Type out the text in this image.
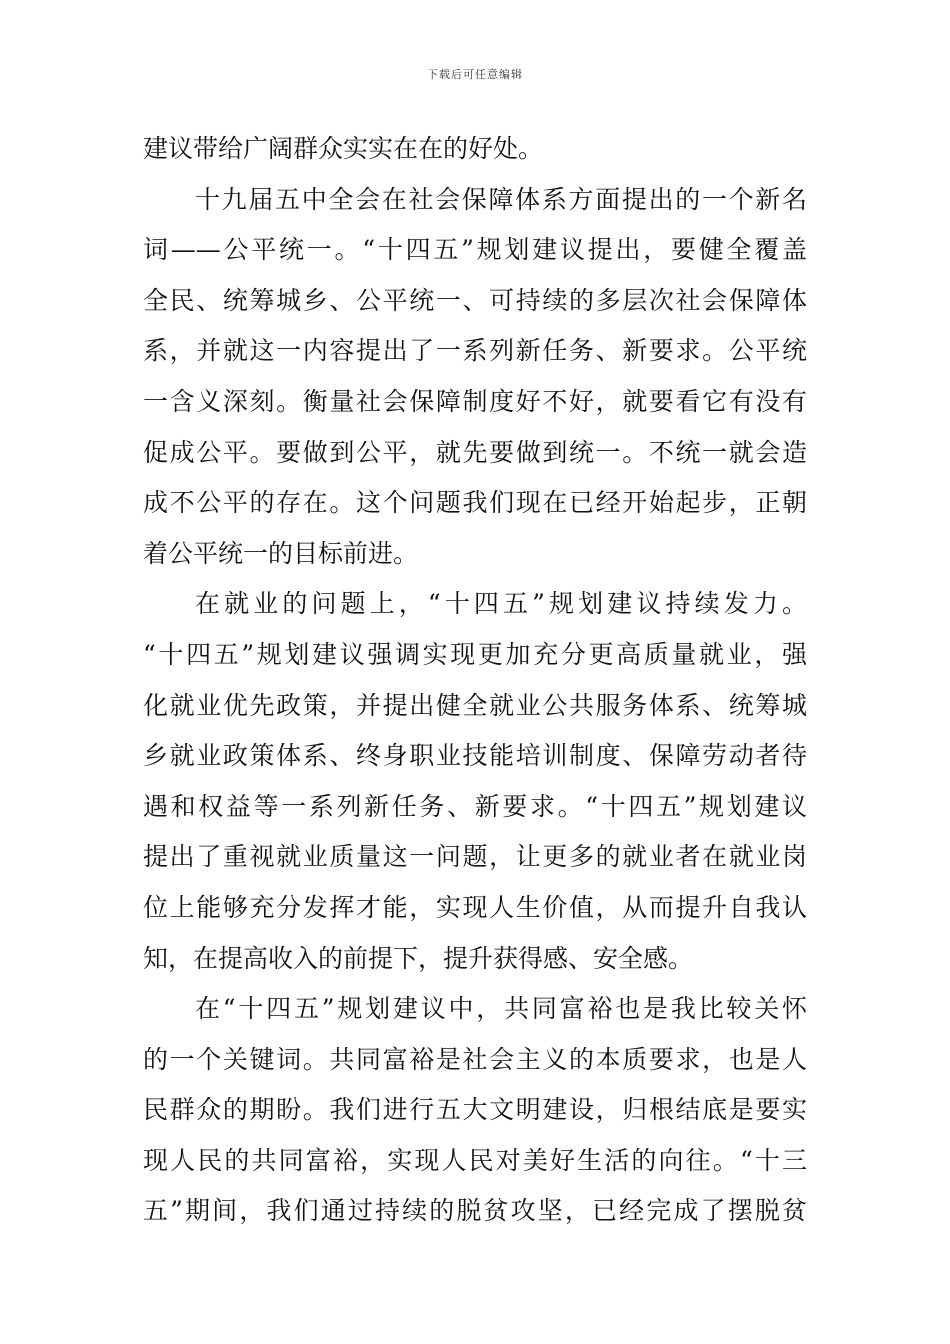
下载后可任意编辑
建议带给广阔群众实实在在的好处。
十九届五中全会在社会保障体系方面提出的一个新名
词——公平统一。“十四五”规划建议提出，要健全覆盖
全民、统筹城乡、公平统一、可持续的多层次社会保障体
系，并就这一内容提出了一系列新任务、新要求。公平统
一含义深刻。衡量社会保障制度好不好，就要看它有没有
促成公平。要做到公平，就先要做到统一。不统一就会造
成不公平的存在。这个问题我们现在已经开始起步，正朝
着公平统一的目标前进。
在就业的问题上，“十四五”规划建议持续发力。
“十四五”规划建议强调实现更加充分更高质量就业，强
化就业优先政策，并提出健全就业公共服务体系、统筹城
乡就业政策体系、终身职业技能培训制度、保障劳动者待
遇和权益等一系列新任务、新要求。“十四五”规划建议
提出了重视就业质量这一问题，让更多的就业者在就业岗
位上能够充分发挥才能，实现人生价值，从而提升自我认
知，在提高收入的前提下，提升获得感、安全感。
在“十四五”规划建议中，共同富裕也是我比较关怀
的一个关键词。共同富裕是社会主义的本质要求，也是人
民群众的期盼。我们进行五大文明建设，归根结底是要实
现人民的共同富裕，实现人民对美好生活的向往。“十三
五”期间，我们通过持续的脱贫攻坚，已经完成了摆脱贫
